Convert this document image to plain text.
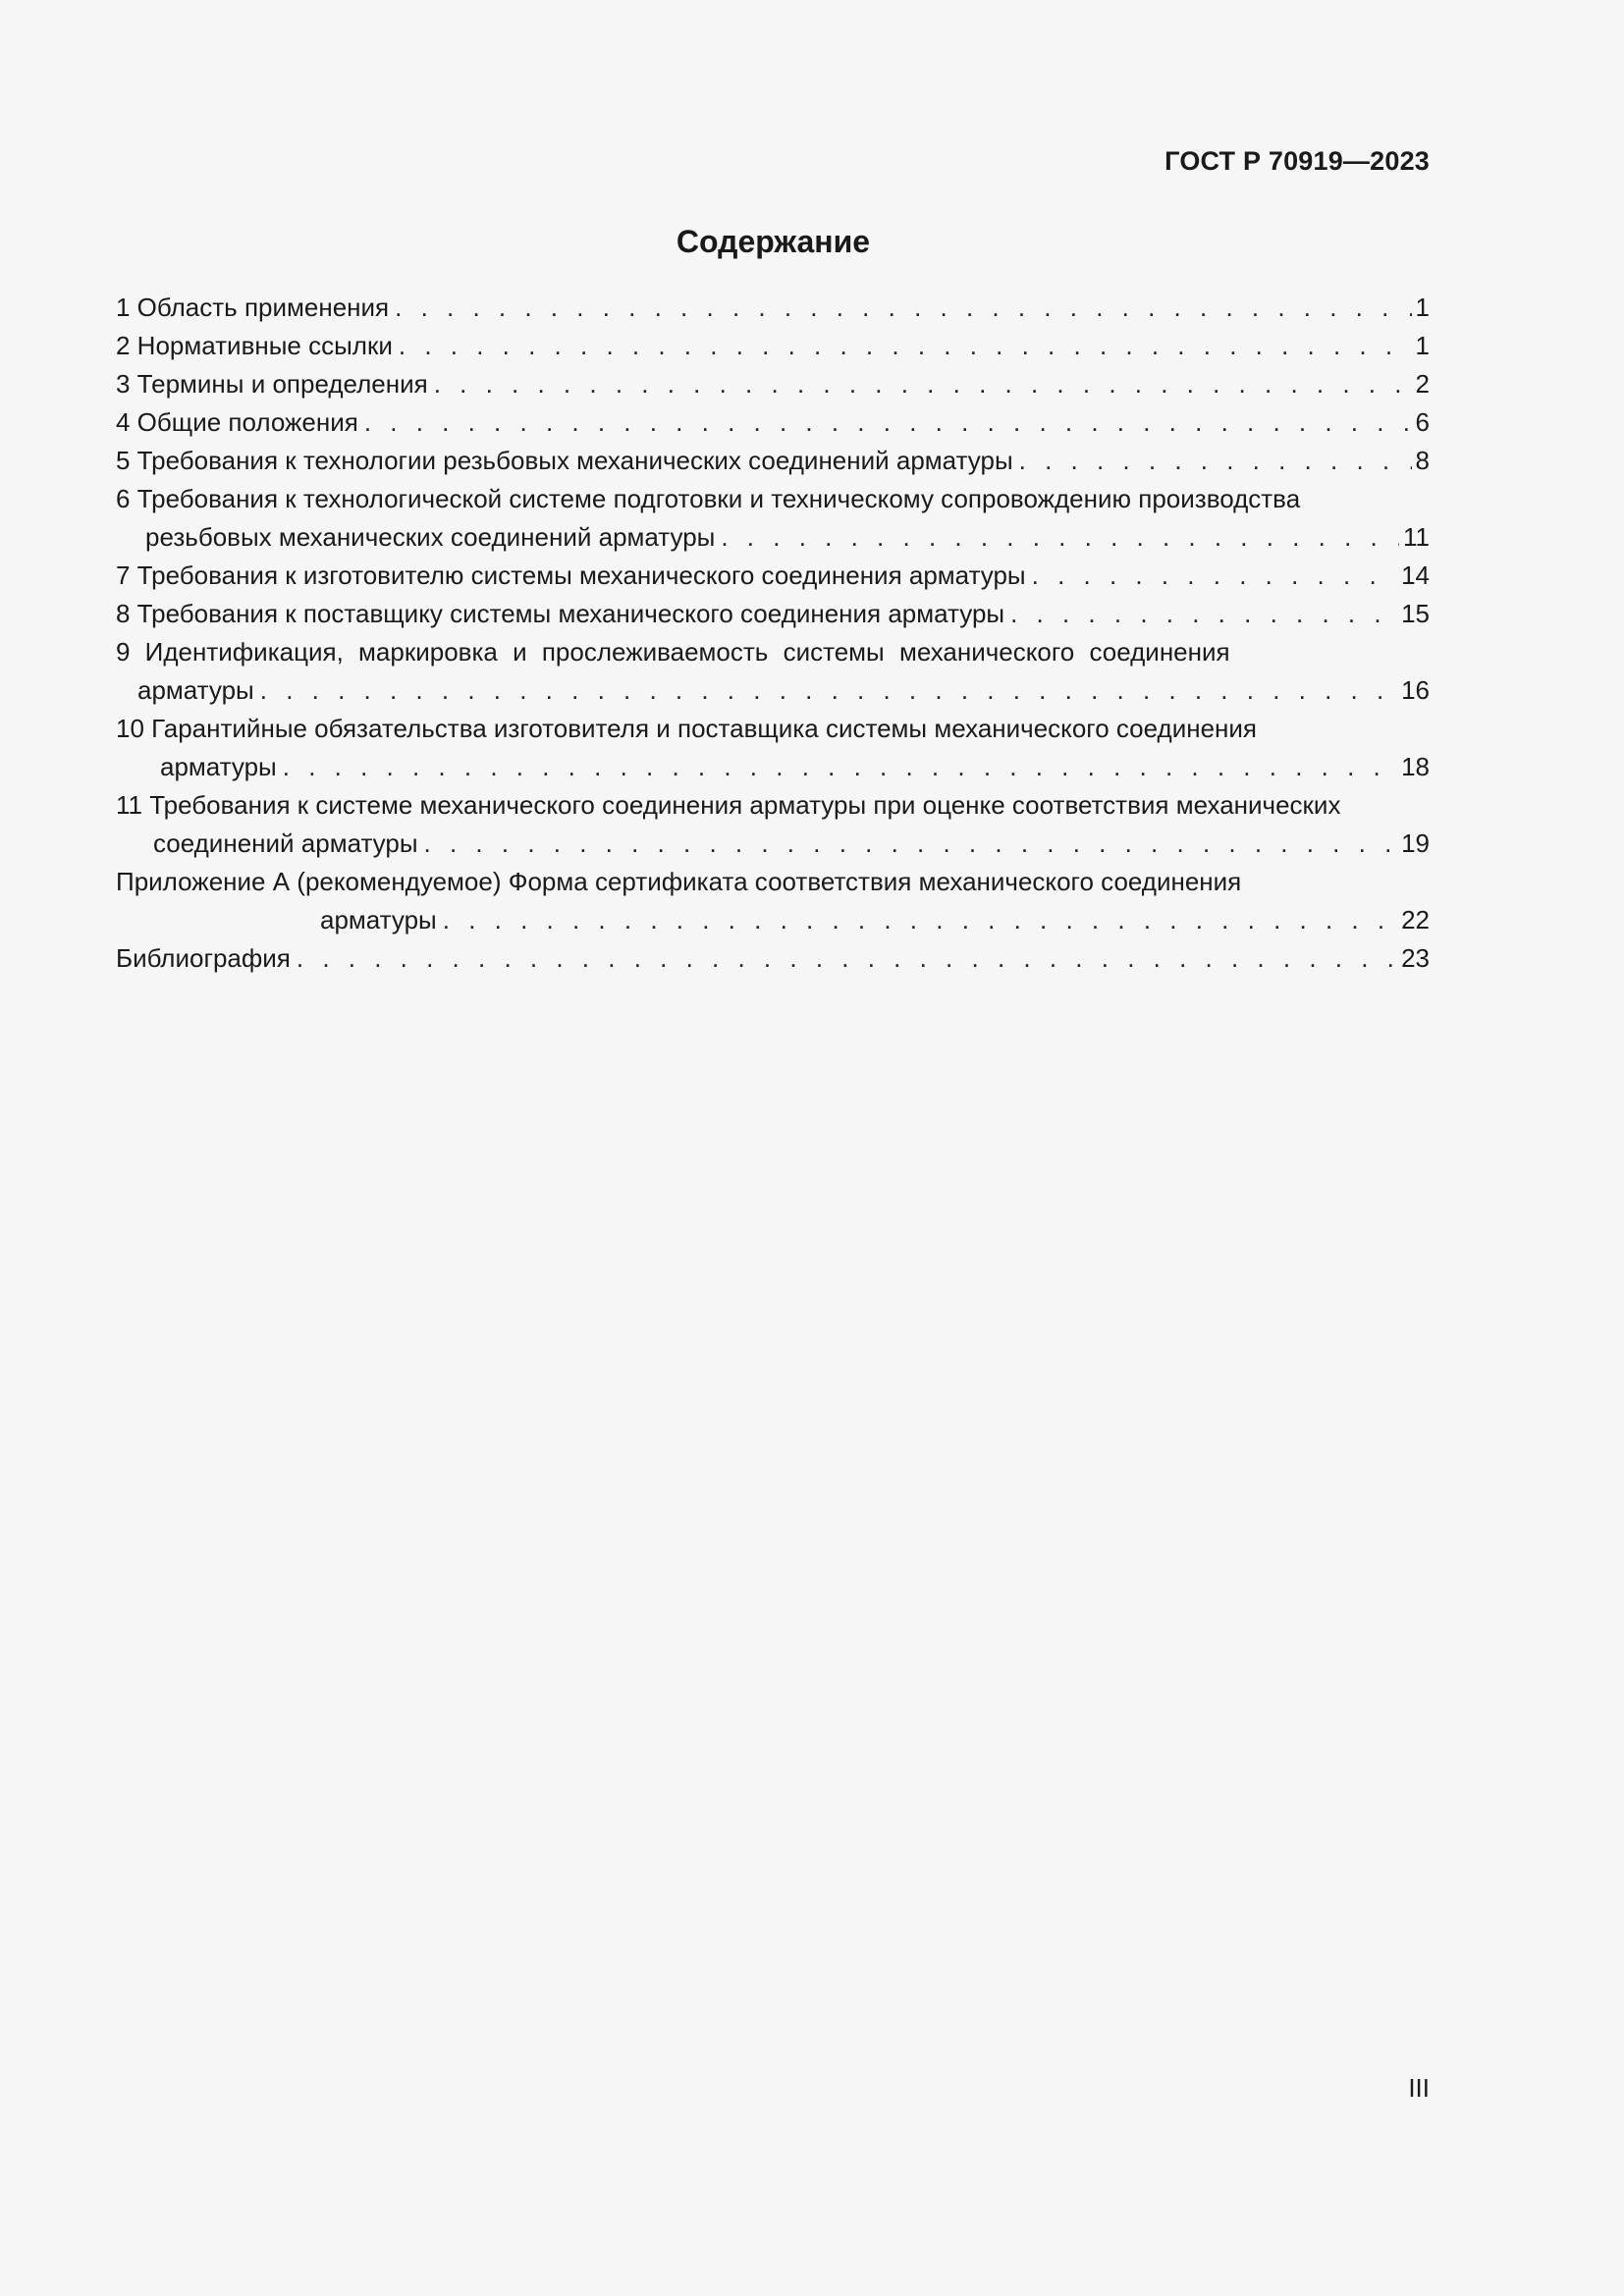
ГОСТ Р 70919—2023
Содержание
1 Область применения . . .	1
2 Нормативные ссылки . . .	1
3 Термины и определения . . .	2
4 Общие положения . . .	6
5 Требования к технологии резьбовых механических соединений арматуры . . .	8
6 Требования к технологической системе подготовки и техническому сопровождению производства
резьбовых механических соединений арматуры . . .	11
7 Требования к изготовителю системы механического соединения арматуры . . .	14
8 Требования к поставщику системы механического соединения арматуры . . .	15
9 Идентификация, маркировка и прослеживаемость системы механического соединения
арматуры . . .	16
10 Гарантийные обязательства изготовителя и поставщика системы механического соединения
арматуры . . .	18
11 Требования к системе механического соединения арматуры при оценке соответствия механических
соединений арматуры . . .	19
Приложение А (рекомендуемое) Форма сертификата соответствия механического соединения
арматуры . . .	22
Библиография . . .	23
III
